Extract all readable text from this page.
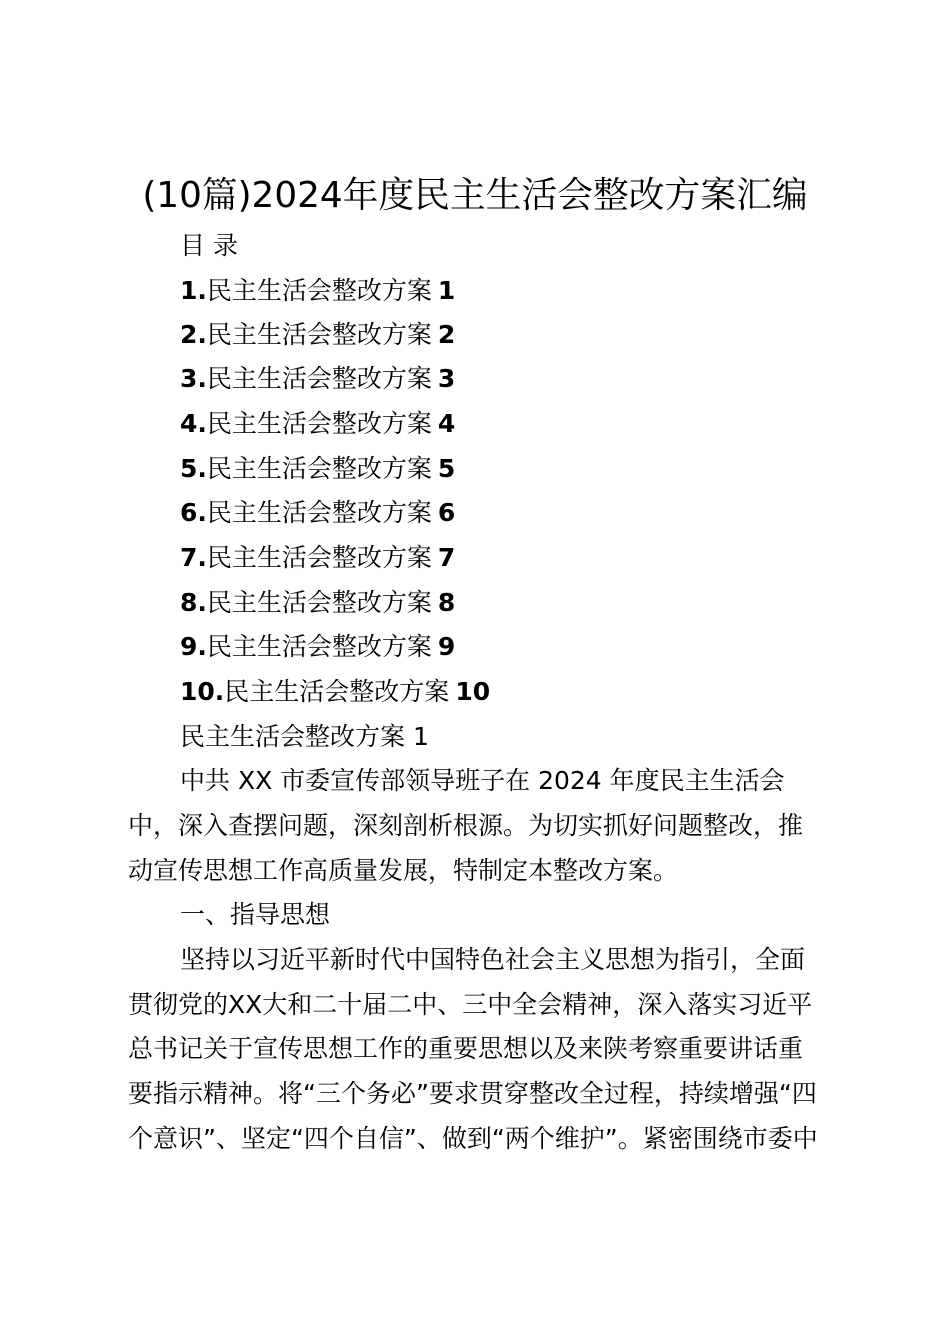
(10篇)2024年度民主生活会整改方案汇编
目 录
1.民主生活会整改方案 1
2.民主生活会整改方案 2
3.民主生活会整改方案 3
4.民主生活会整改方案 4
5.民主生活会整改方案 5
6.民主生活会整改方案 6
7.民主生活会整改方案 7
8.民主生活会整改方案 8
9.民主生活会整改方案 9
10.民主生活会整改方案 10
民主生活会整改方案 1
中共 XX 市委宣传部领导班子在 2024 年度民主生活会
中，深入查摆问题，深刻剖析根源。为切实抓好问题整改，推
动宣传思想工作高质量发展，特制定本整改方案。
一、指导思想
坚持以习近平新时代中国特色社会主义思想为指引，全面
贯彻党的XX大和二十届二中、三中全会精神，深入落实习近平
总书记关于宣传思想工作的重要思想以及来陕考察重要讲话重
要指示精神。将“三个务必”要求贯穿整改全过程，持续增强“四
个意识”、坚定“四个自信”、做到“两个维护”。紧密围绕市委中
